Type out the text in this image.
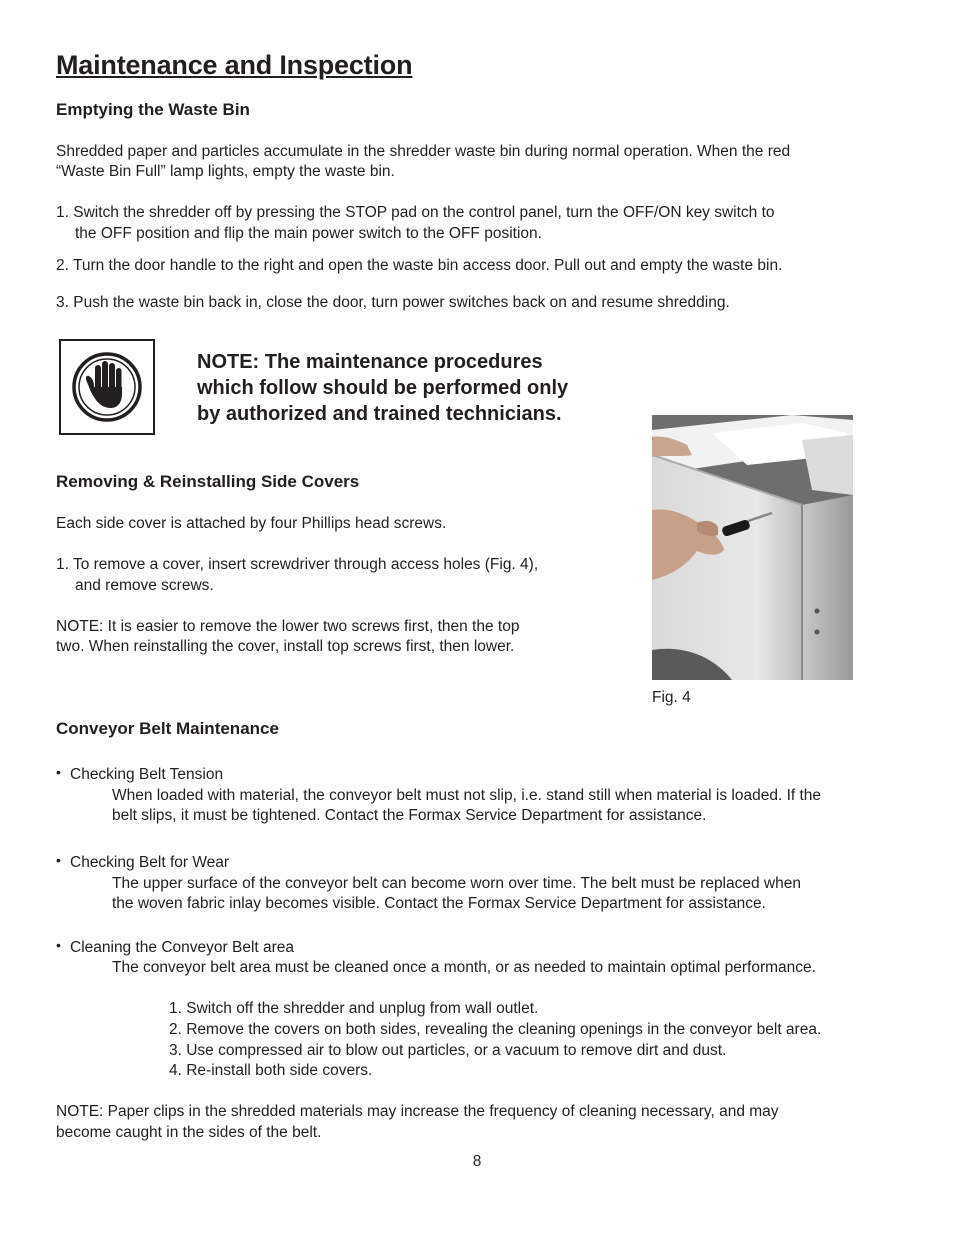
Maintenance and Inspection
Emptying the Waste Bin
Shredded paper and particles accumulate in the shredder waste bin during normal operation. When the red
“Waste Bin Full” lamp lights, empty the waste bin.
1. Switch the shredder off by pressing the STOP pad on the control panel, turn the OFF/ON key switch to
the OFF position and flip the main power switch to the OFF position.
2. Turn the door handle to the right and open the waste bin access door. Pull out and empty the waste bin.
3. Push the waste bin back in, close the door, turn power switches back on and resume shredding.
NOTE: The maintenance procedures
which follow should be performed only
by authorized and trained technicians.
Removing & Reinstalling Side Covers
Each side cover is attached by four Phillips head screws.
1. To remove a cover, insert screwdriver through access holes (Fig. 4),
and remove screws.
NOTE: It is easier to remove the lower two screws first, then the top
two. When reinstalling the cover, install top screws first, then lower.
Fig. 4
Conveyor Belt Maintenance
• Checking Belt Tension
When loaded with material, the conveyor belt must not slip, i.e. stand still when material is loaded. If the
belt slips, it must be tightened. Contact the Formax Service Department for assistance.
• Checking Belt for Wear
The upper surface of the conveyor belt can become worn over time. The belt must be replaced when
the woven fabric inlay becomes visible. Contact the Formax Service Department for assistance.
• Cleaning the Conveyor Belt area
The conveyor belt area must be cleaned once a month, or as needed to maintain optimal performance.
1. Switch off the shredder and unplug from wall outlet.
2. Remove the covers on both sides, revealing the cleaning openings in the conveyor belt area.
3. Use compressed air to blow out particles, or a vacuum to remove dirt and dust.
4. Re-install both side covers.
NOTE: Paper clips in the shredded materials may increase the frequency of cleaning necessary, and may
become caught in the sides of the belt.
8
